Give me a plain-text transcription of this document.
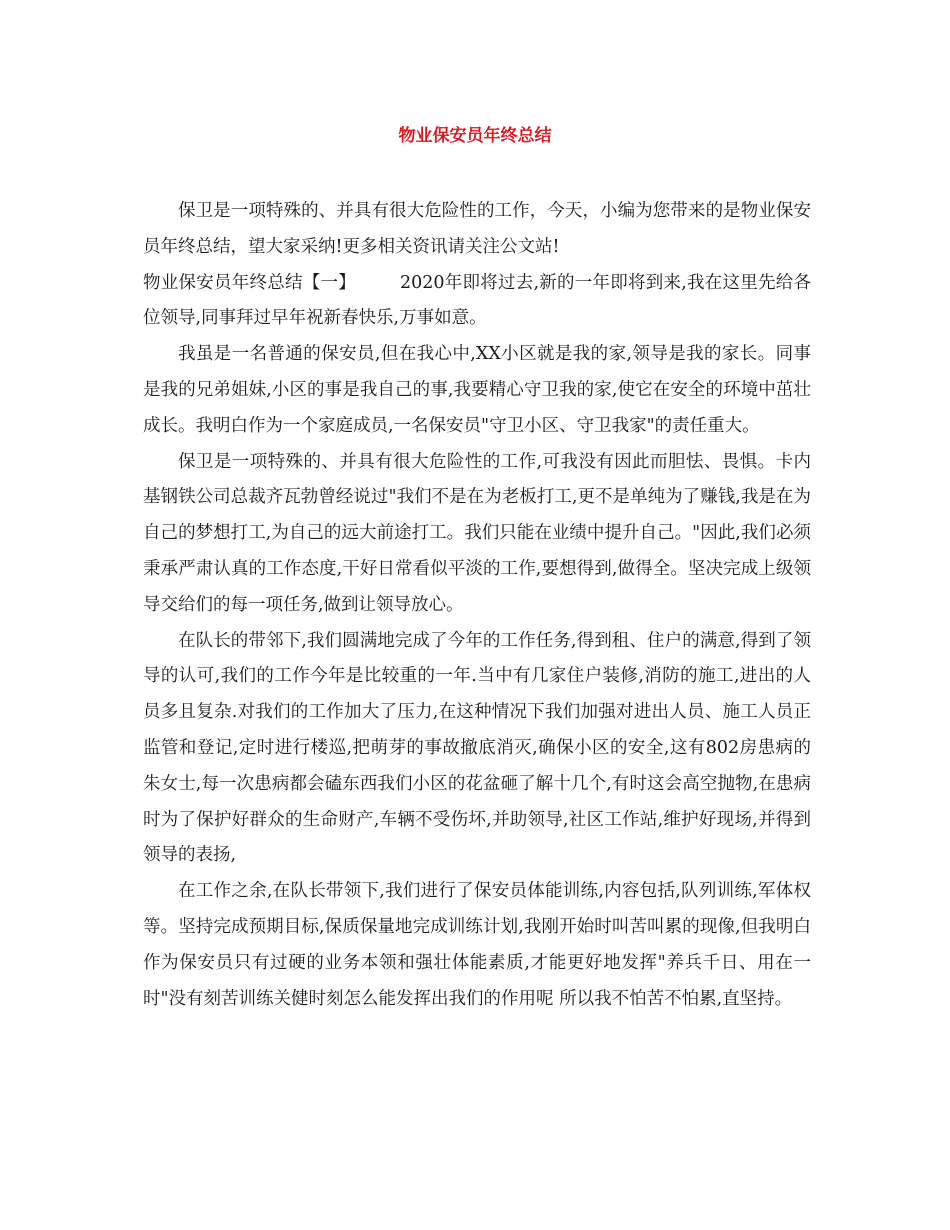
物业保安员年终总结

保卫是一项特殊的、并具有很大危险性的工作，今天，小编为您带来的是物业保安员年终总结，望大家采纳!更多相关资讯请关注公文站!

物业保安员年终总结【一】	2020年即将过去,新的一年即将到来,我在这里先给各位领导,同事拜过早年祝新春快乐,万事如意。

我虽是一名普通的保安员,但在我心中,XX小区就是我的家,领导是我的家长。同事是我的兄弟姐妹,小区的事是我自己的事,我要精心守卫我的家,使它在安全的环境中茁壮成长。我明白作为一个家庭成员,一名保安员"守卫小区、守卫我家"的责任重大。

保卫是一项特殊的、并具有很大危险性的工作,可我没有因此而胆怯、畏惧。卡内基钢铁公司总裁齐瓦勃曾经说过"我们不是在为老板打工,更不是单纯为了赚钱,我是在为自己的梦想打工,为自己的远大前途打工。我们只能在业绩中提升自己。"因此,我们必须秉承严肃认真的工作态度,干好日常看似平淡的工作,要想得到,做得全。坚决完成上级领导交给们的每一项任务,做到让领导放心。

在队长的带邻下,我们圆满地完成了今年的工作任务,得到租、住户的满意,得到了领导的认可,我们的工作今年是比较重的一年.当中有几家住户装修,消防的施工,进出的人员多且复杂.对我们的工作加大了压力,在这种情况下我们加强对进出人员、施工人员正监管和登记,定时进行楼巡,把萌芽的事故撤底消灭,确保小区的安全,这有802房患病的朱女士,每一次患病都会磕东西我们小区的花盆砸了解十几个,有时这会高空抛物,在患病时为了保护好群众的生命财产,车辆不受伤坏,并助领导,社区工作站,维护好现场,并得到领导的表扬,

在工作之余,在队长带领下,我们进行了保安员体能训练,内容包括,队列训练,军体权等。坚持完成预期目标,保质保量地完成训练计划,我刚开始时叫苦叫累的现像,但我明白作为保安员只有过硬的业务本领和强壮体能素质,才能更好地发挥"养兵千日、用在一时"没有刻苦训练关健时刻怎么能发挥出我们的作用呢 所以我不怕苦不怕累,直坚持。
